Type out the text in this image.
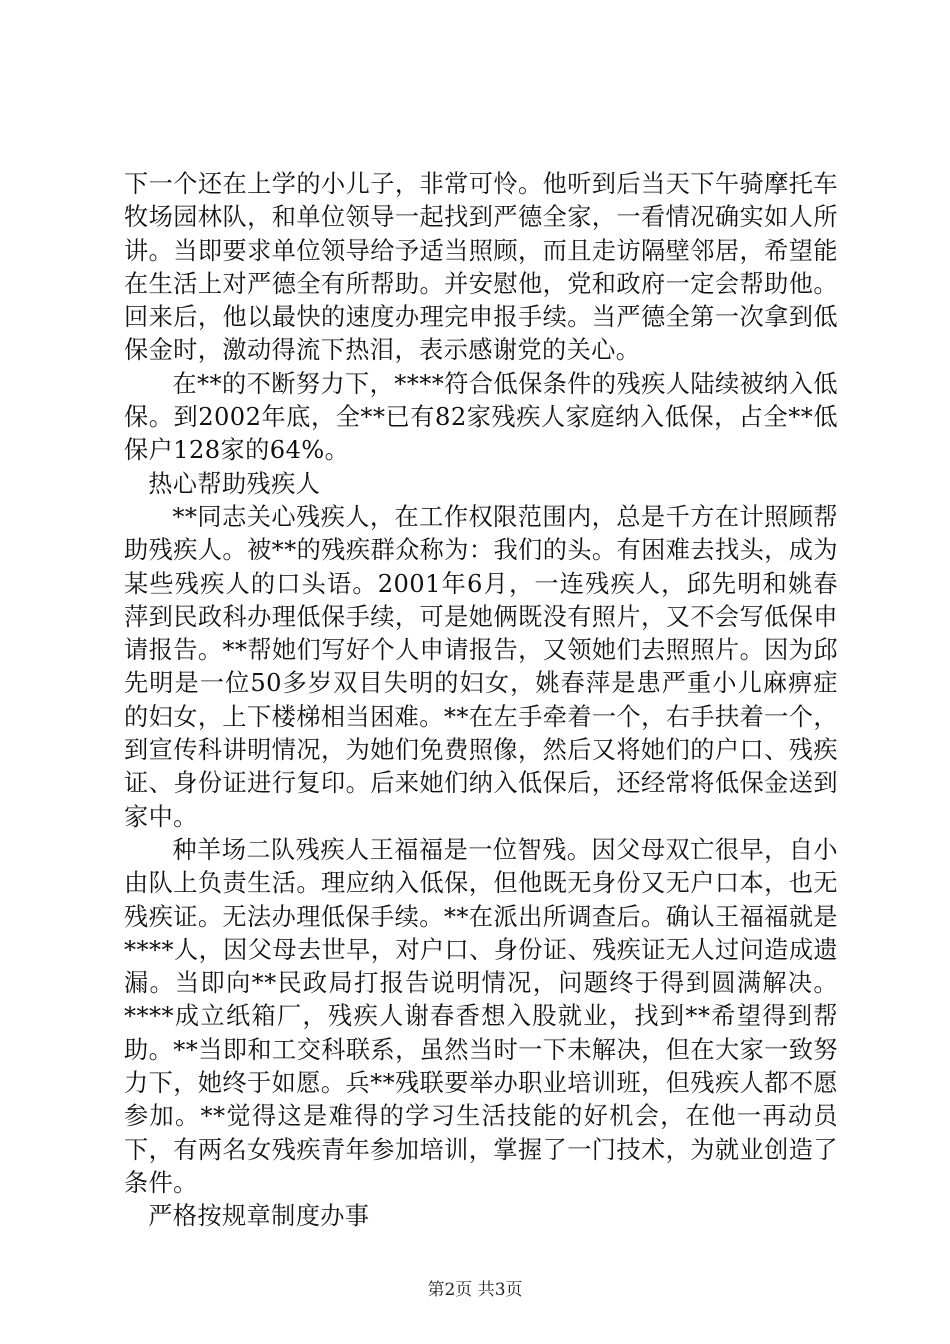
下一个还在上学的小儿子，非常可怜。他听到后当天下午骑摩托车牧场园林队，和单位领导一起找到严德全家，一看情况确实如人所讲。当即要求单位领导给予适当照顾，而且走访隔壁邻居，希望能在生活上对严德全有所帮助。并安慰他，党和政府一定会帮助他。回来后，他以最快的速度办理完申报手续。当严德全第一次拿到低保金时，激动得流下热泪，表示感谢党的关心。

在**的不断努力下，****符合低保条件的残疾人陆续被纳入低保。到2002年底，全**已有82家残疾人家庭纳入低保，占全**低保户128家的64%。

热心帮助残疾人

**同志关心残疾人，在工作权限范围内，总是千方在计照顾帮助残疾人。被**的残疾群众称为：我们的头。有困难去找头，成为某些残疾人的口头语。2001年6月，一连残疾人，邱先明和姚春萍到民政科办理低保手续，可是她俩既没有照片，又不会写低保申请报告。**帮她们写好个人申请报告，又领她们去照照片。因为邱先明是一位50多岁双目失明的妇女，姚春萍是患严重小儿麻痹症的妇女，上下楼梯相当困难。**在左手牵着一个，右手扶着一个，到宣传科讲明情况，为她们免费照像，然后又将她们的户口、残疾证、身份证进行复印。后来她们纳入低保后，还经常将低保金送到家中。

种羊场二队残疾人王福福是一位智残。因父母双亡很早，自小由队上负责生活。理应纳入低保，但他既无身份又无户口本，也无残疾证。无法办理低保手续。**在派出所调查后。确认王福福就是****人，因父母去世早，对户口、身份证、残疾证无人过问造成遗漏。当即向**民政局打报告说明情况，问题终于得到圆满解决。****成立纸箱厂，残疾人谢春香想入股就业，找到**希望得到帮助。**当即和工交科联系，虽然当时一下未解决，但在大家一致努力下，她终于如愿。兵**残联要举办职业培训班，但残疾人都不愿参加。**觉得这是难得的学习生活技能的好机会，在他一再动员下，有两名女残疾青年参加培训，掌握了一门技术，为就业创造了条件。

严格按规章制度办事

第2页 共3页
